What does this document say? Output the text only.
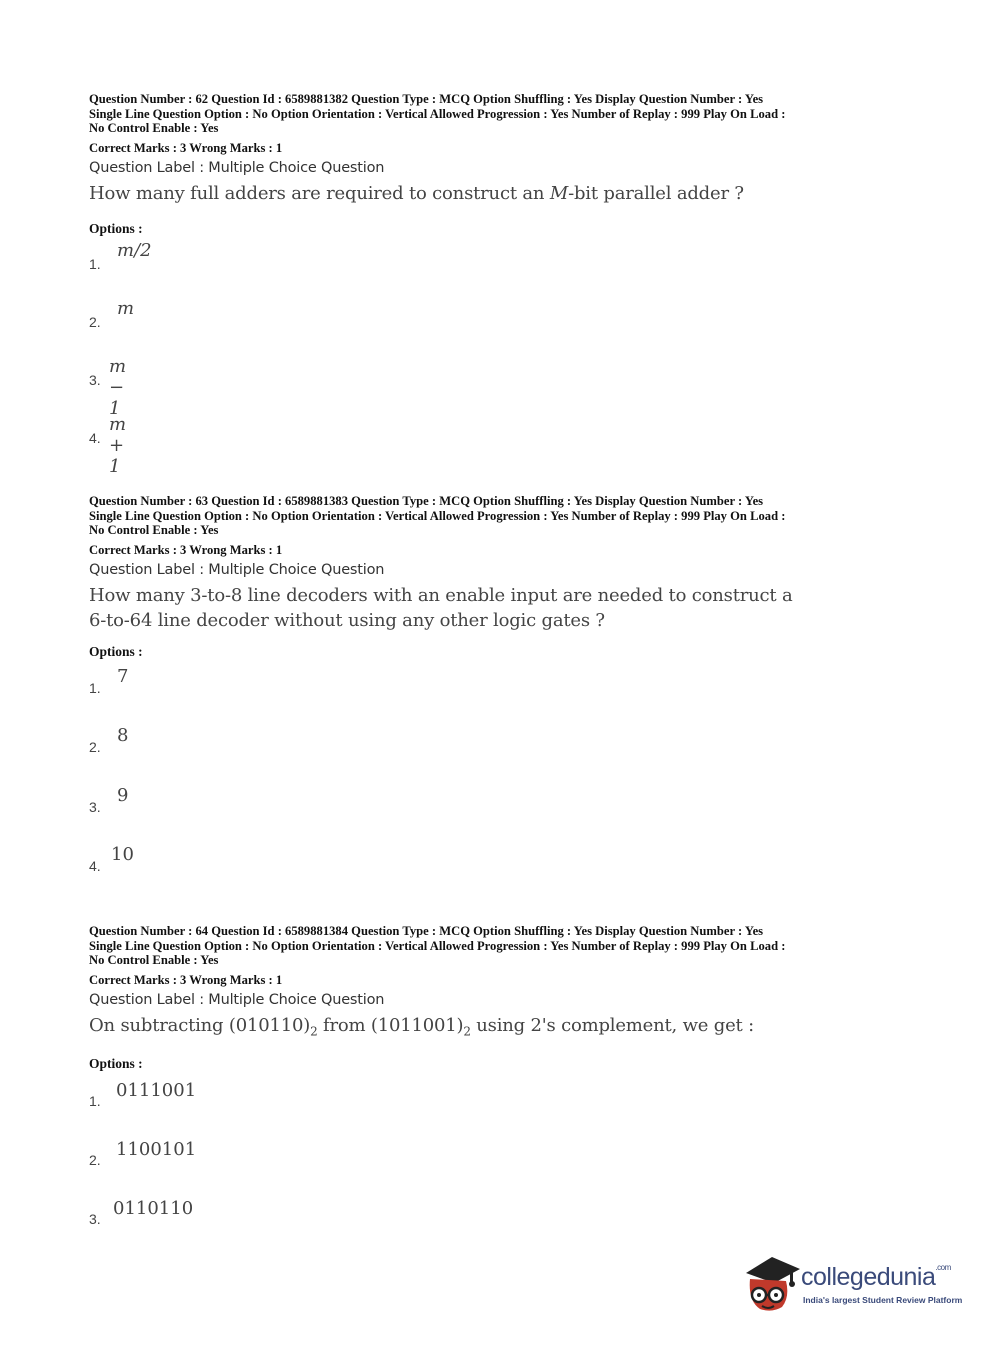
Question Number : 62 Question Id : 6589881382 Question Type : MCQ Option Shuffling : Yes Display Question Number : Yes

Single Line Question Option : No Option Orientation : Vertical Allowed Progression : Yes Number of Replay : 999 Play On Load :

No Control Enable : Yes

Correct Marks : 3 Wrong Marks : 1
Question Label : Multiple Choice Question
How many full adders are required to construct an M-bit parallel adder ?
Options :
1.
m/2
2.
m
3.
m − 1
4.
m + 1

Question Number : 63 Question Id : 6589881383 Question Type : MCQ Option Shuffling : Yes Display Question Number : Yes

Single Line Question Option : No Option Orientation : Vertical Allowed Progression : Yes Number of Replay : 999 Play On Load :

No Control Enable : Yes

Correct Marks : 3 Wrong Marks : 1
Question Label : Multiple Choice Question
How many 3-to-8 line decoders with an enable input are needed to construct a
6-to-64 line decoder without using any other logic gates ?
Options :
1.
7
2.
8
3.
9
4.
10

Question Number : 64 Question Id : 6589881384 Question Type : MCQ Option Shuffling : Yes Display Question Number : Yes

Single Line Question Option : No Option Orientation : Vertical Allowed Progression : Yes Number of Replay : 999 Play On Load :

No Control Enable : Yes

Correct Marks : 3 Wrong Marks : 1
Question Label : Multiple Choice Question
On subtracting $(010110)_2$ from $(1011001)_2$ using 2's complement, we get :
Options :
1. 0111001
2. 1100101
3. 0110110
collegedunia$^{.com}$
India's largest Student Review Platform
